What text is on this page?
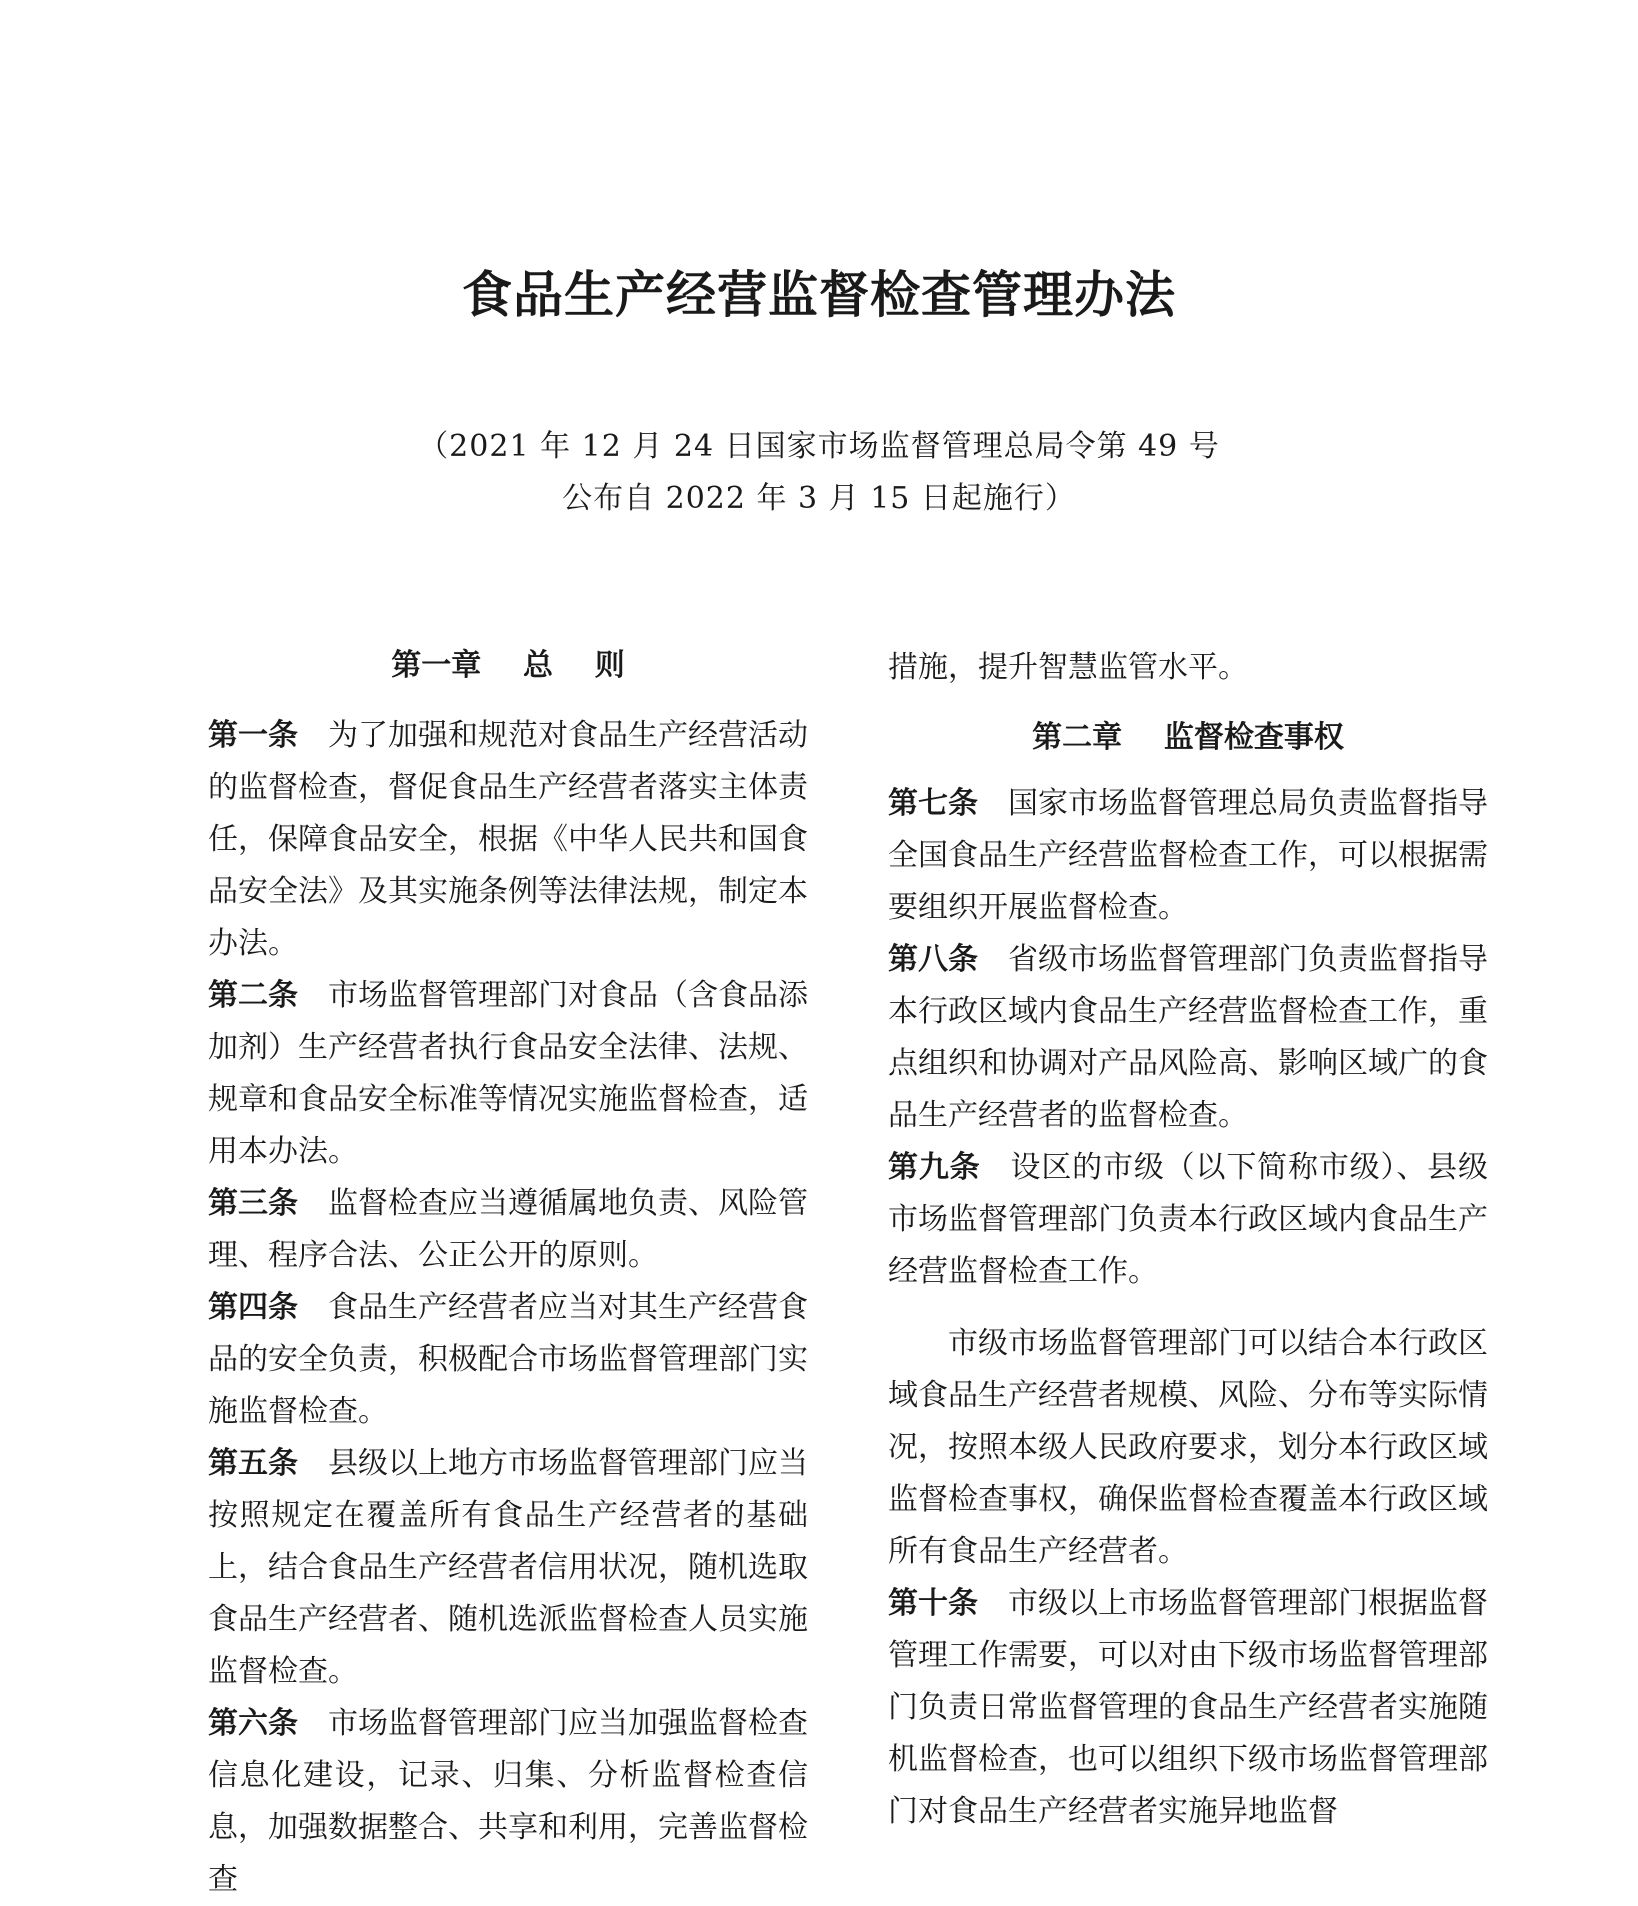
食品生产经营监督检查管理办法

（2021 年 12 月 24 日国家市场监督管理总局令第 49 号

公布自 2022 年 3 月 15 日起施行）

第一章    总    则

第一条 为了加强和规范对食品生产经营活动的监督检查，督促食品生产经营者落实主体责任，保障食品安全，根据《中华人民共和国食品安全法》及其实施条例等法律法规，制定本办法。

第二条 市场监督管理部门对食品（含食品添加剂）生产经营者执行食品安全法律、法规、规章和食品安全标准等情况实施监督检查，适用本办法。

第三条 监督检查应当遵循属地负责、风险管理、程序合法、公正公开的原则。

第四条 食品生产经营者应当对其生产经营食品的安全负责，积极配合市场监督管理部门实施监督检查。

第五条 县级以上地方市场监督管理部门应当按照规定在覆盖所有食品生产经营者的基础上，结合食品生产经营者信用状况，随机选取食品生产经营者、随机选派监督检查人员实施监督检查。

第六条 市场监督管理部门应当加强监督检查信息化建设，记录、归集、分析监督检查信息，加强数据整合、共享和利用，完善监督检查

措施，提升智慧监管水平。

第二章    监督检查事权

第七条 国家市场监督管理总局负责监督指导全国食品生产经营监督检查工作，可以根据需要组织开展监督检查。

第八条 省级市场监督管理部门负责监督指导本行政区域内食品生产经营监督检查工作，重点组织和协调对产品风险高、影响区域广的食品生产经营者的监督检查。

第九条 设区的市级（以下简称市级）、县级市场监督管理部门负责本行政区域内食品生产经营监督检查工作。

市级市场监督管理部门可以结合本行政区域食品生产经营者规模、风险、分布等实际情况，按照本级人民政府要求，划分本行政区域监督检查事权，确保监督检查覆盖本行政区域所有食品生产经营者。

第十条 市级以上市场监督管理部门根据监督管理工作需要，可以对由下级市场监督管理部门负责日常监督管理的食品生产经营者实施随机监督检查，也可以组织下级市场监督管理部门对食品生产经营者实施异地监督
